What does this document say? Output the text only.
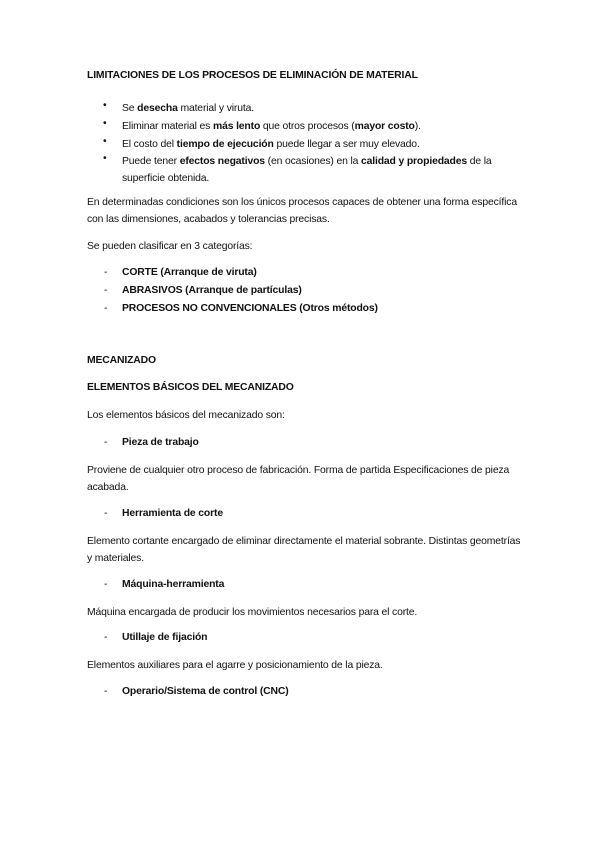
LIMITACIONES DE LOS PROCESOS DE ELIMINACIÓN DE MATERIAL
• Se desecha material y viruta.
• Eliminar material es más lento que otros procesos (mayor costo).
• El costo del tiempo de ejecución puede llegar a ser muy elevado.
• Puede tener efectos negativos (en ocasiones) en la calidad y propiedades de la superficie obtenida.
En determinadas condiciones son los únicos procesos capaces de obtener una forma específica con las dimensiones, acabados y tolerancias precisas.
Se pueden clasificar en 3 categorías:
- CORTE (Arranque de viruta)
- ABRASIVOS (Arranque de partículas)
- PROCESOS NO CONVENCIONALES (Otros métodos)
MECANIZADO
ELEMENTOS BÁSICOS DEL MECANIZADO
Los elementos básicos del mecanizado son:
- Pieza de trabajo
Proviene de cualquier otro proceso de fabricación. Forma de partida Especificaciones de pieza acabada.
- Herramienta de corte
Elemento cortante encargado de eliminar directamente el material sobrante. Distintas geometrías y materiales.
- Máquina-herramienta
Máquina encargada de producir los movimientos necesarios para el corte.
- Utillaje de fijación
Elementos auxiliares para el agarre y posicionamiento de la pieza.
- Operario/Sistema de control (CNC)
